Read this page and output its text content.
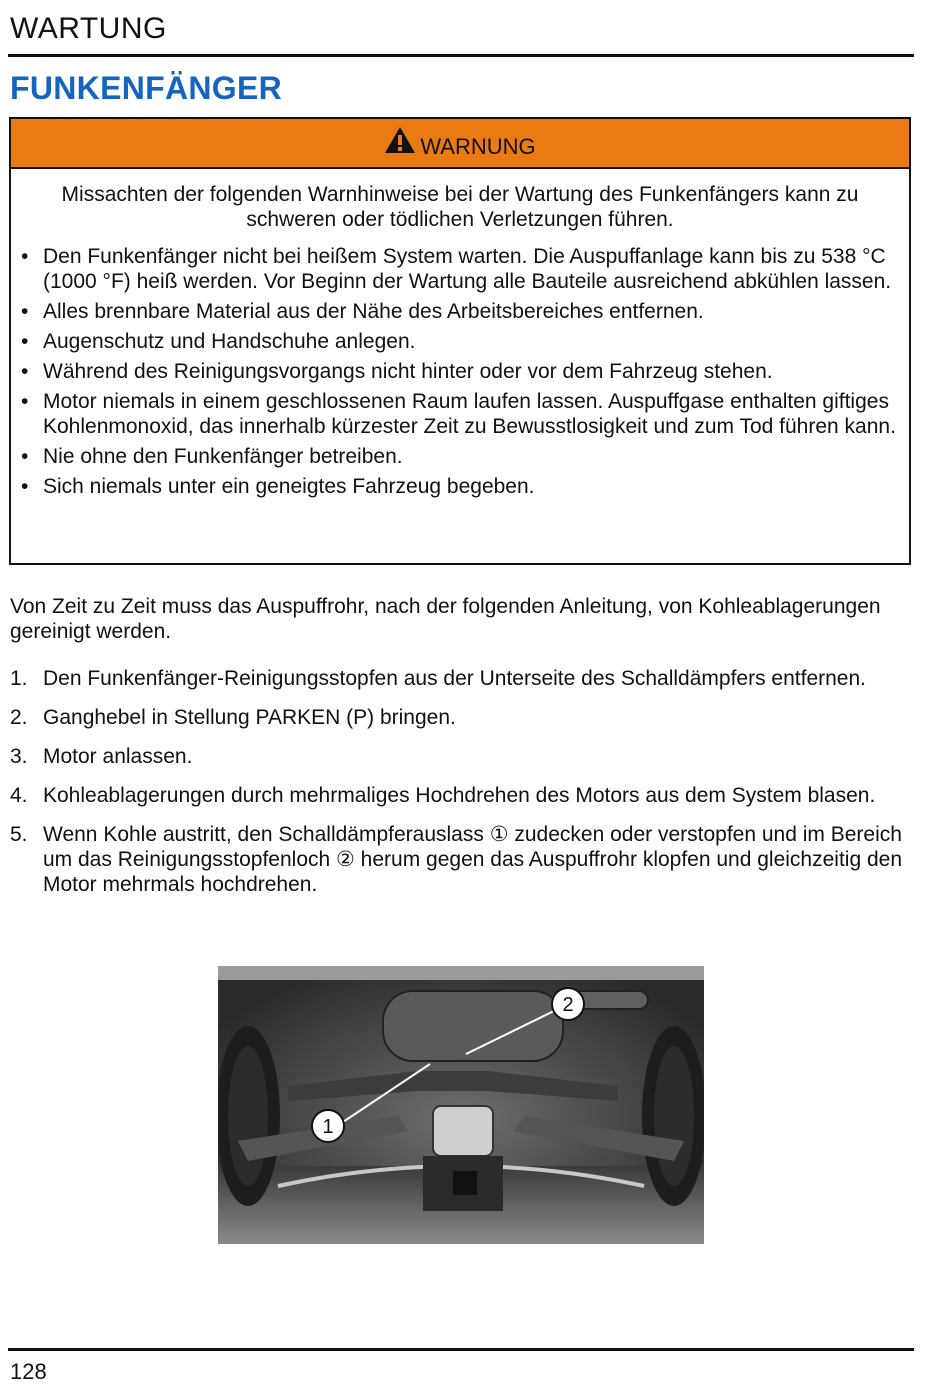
WARTUNG
FUNKENFÄNGER
WARNUNG
Missachten der folgenden Warnhinweise bei der Wartung des Funkenfängers kann zu schweren oder tödlichen Verletzungen führen.
• Den Funkenfänger nicht bei heißem System warten. Die Auspuffanlage kann bis zu 538 °C (1000 °F) heiß werden. Vor Beginn der Wartung alle Bauteile ausreichend abkühlen lassen.
• Alles brennbare Material aus der Nähe des Arbeitsbereiches entfernen.
• Augenschutz und Handschuhe anlegen.
• Während des Reinigungsvorgangs nicht hinter oder vor dem Fahrzeug stehen.
• Motor niemals in einem geschlossenen Raum laufen lassen. Auspuffgase enthalten giftiges Kohlenmonoxid, das innerhalb kürzester Zeit zu Bewusstlosigkeit und zum Tod führen kann.
• Nie ohne den Funkenfänger betreiben.
• Sich niemals unter ein geneigtes Fahrzeug begeben.

Von Zeit zu Zeit muss das Auspuffrohr, nach der folgenden Anleitung, von Kohleablagerungen gereinigt werden.

1. Den Funkenfänger-Reinigungsstopfen aus der Unterseite des Schalldämpfers entfernen.
2. Ganghebel in Stellung PARKEN (P) bringen.
3. Motor anlassen.
4. Kohleablagerungen durch mehrmaliges Hochdrehen des Motors aus dem System blasen.
5. Wenn Kohle austritt, den Schalldämpferauslass ① zudecken oder verstopfen und im Bereich um das Reinigungsstopfenloch ② herum gegen das Auspuffrohr klopfen und gleichzeitig den Motor mehrmals hochdrehen.
1
2
128
